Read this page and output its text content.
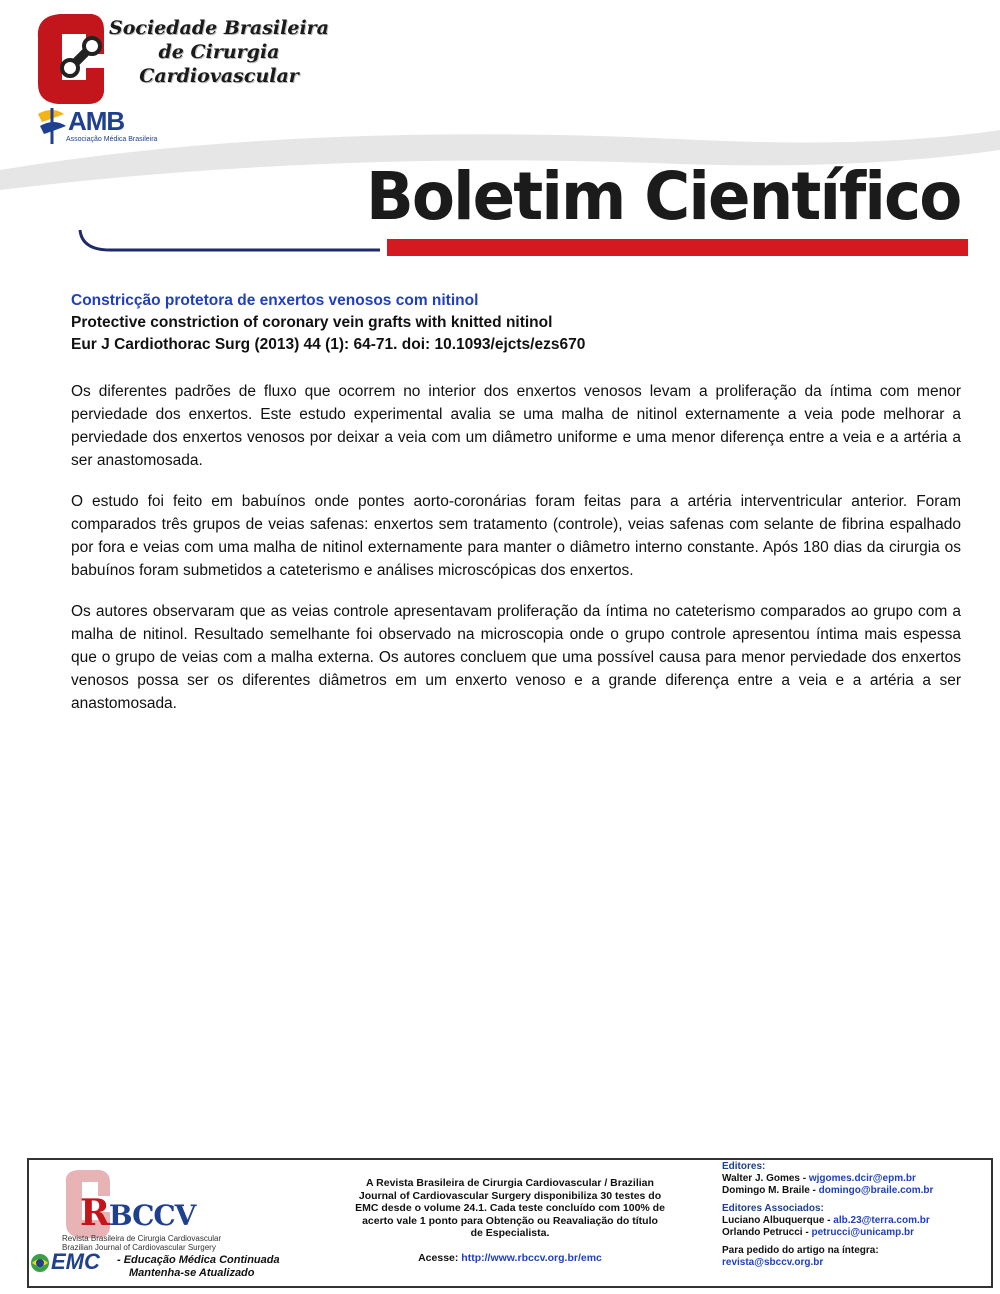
Sociedade Brasileira
de Cirurgia
Cardiovascular
AMB
Associação Médica Brasileira
Boletim Científico
Constricção protetora de enxertos venosos com nitinol
Protective constriction of coronary vein grafts with knitted nitinol
Eur J Cardiothorac Surg (2013) 44 (1): 64-71. doi: 10.1093/ejcts/ezs670

Os diferentes padrões de fluxo que ocorrem no interior dos enxertos venosos levam a proliferação da íntima com menor perviedade dos enxertos. Este estudo experimental avalia se uma malha de nitinol externamente a veia pode melhorar a perviedade dos enxertos venosos por deixar a veia com um diâmetro uniforme e uma menor diferença entre a veia e a artéria a ser anastomosada.

O estudo foi feito em babuínos onde pontes aorto-coronárias foram feitas para a artéria interventricular anterior. Foram comparados três grupos de veias safenas: enxertos sem tratamento (controle), veias safenas com selante de fibrina espalhado por fora e veias com uma malha de nitinol externamente para manter o diâmetro interno constante. Após 180 dias da cirurgia os babuínos foram submetidos a cateterismo e análises microscópicas dos enxertos.

Os autores observaram que as veias controle apresentavam proliferação da íntima no cateterismo comparados ao grupo com a malha de nitinol. Resultado semelhante foi observado na microscopia onde o grupo controle apresentou íntima mais espessa que o grupo de veias com a malha externa. Os autores concluem que uma possível causa para menor perviedade dos enxertos venosos possa ser os diferentes diâmetros em um enxerto venoso e a grande diferença entre a veia e a artéria a ser anastomosada.

RBCCV
Revista Brasileira de Cirurgia Cardiovascular
Brazilian Journal of Cardiovascular Surgery
EMC - Educação Médica Continuada
Mantenha-se Atualizado
A Revista Brasileira de Cirurgia Cardiovascular / Brazilian Journal of Cardiovascular Surgery disponibiliza 30 testes do EMC desde o volume 24.1. Cada teste concluído com 100% de acerto vale 1 ponto para Obtenção ou Reavaliação do título de Especialista.
Acesse: http://www.rbccv.org.br/emc
Editores:
Walter J. Gomes - wjgomes.dcir@epm.br
Domingo M. Braile - domingo@braile.com.br
Editores Associados:
Luciano Albuquerque - alb.23@terra.com.br
Orlando Petrucci - petrucci@unicamp.br
Para pedido do artigo na íntegra:
revista@sbccv.org.br
